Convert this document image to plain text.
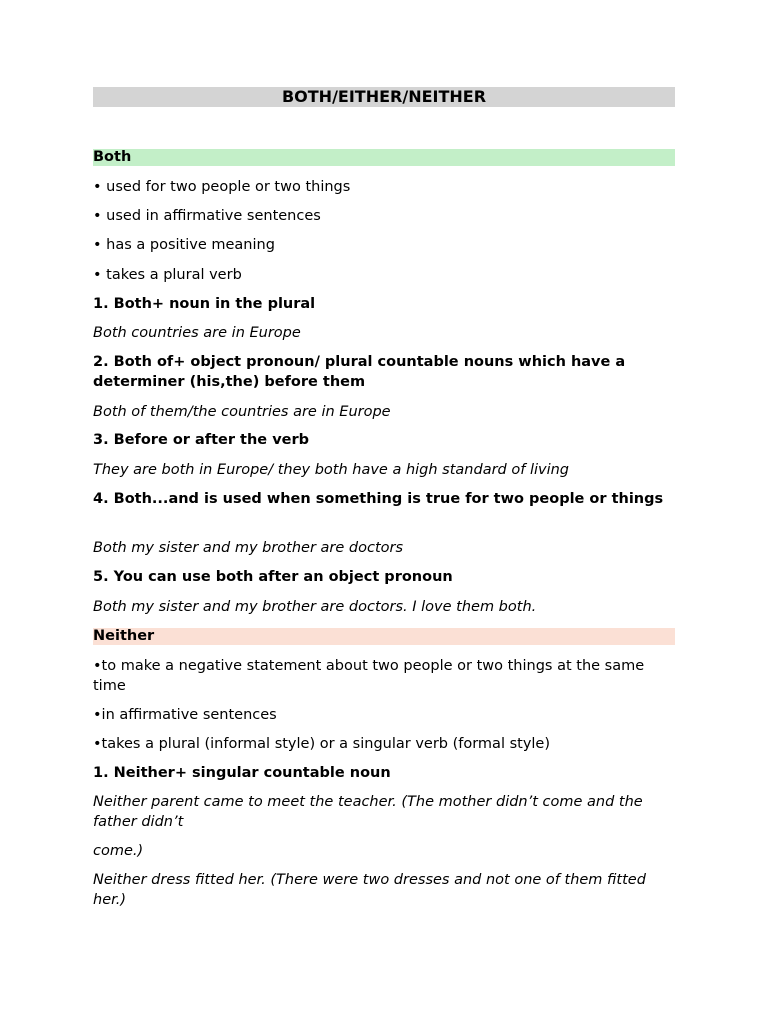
BOTH/EITHER/NEITHER
Both

• used for two people or two things

• used in affirmative sentences

• has a positive meaning

• takes a plural verb

1. Both+ noun in the plural

Both countries are in Europe

2. Both of+ object pronoun/ plural countable nouns which have a determiner (his,the) before them

Both of them/the countries are in Europe

3. Before or after the verb

They are both in Europe/ they both have a high standard of living

4. Both...and is used when something is true for two people or things

Both my sister and my brother are doctors

5. You can use both after an object pronoun

Both my sister and my brother are doctors. I love them both.

Neither

•to make a negative statement about two people or two things at the same time

•in affirmative sentences

•takes a plural (informal style) or a singular verb (formal style)

1. Neither+ singular countable noun

Neither parent came to meet the teacher. (The mother didn’t come and the father didn’t

come.)

Neither dress fitted her. (There were two dresses and not one of them fitted her.)
